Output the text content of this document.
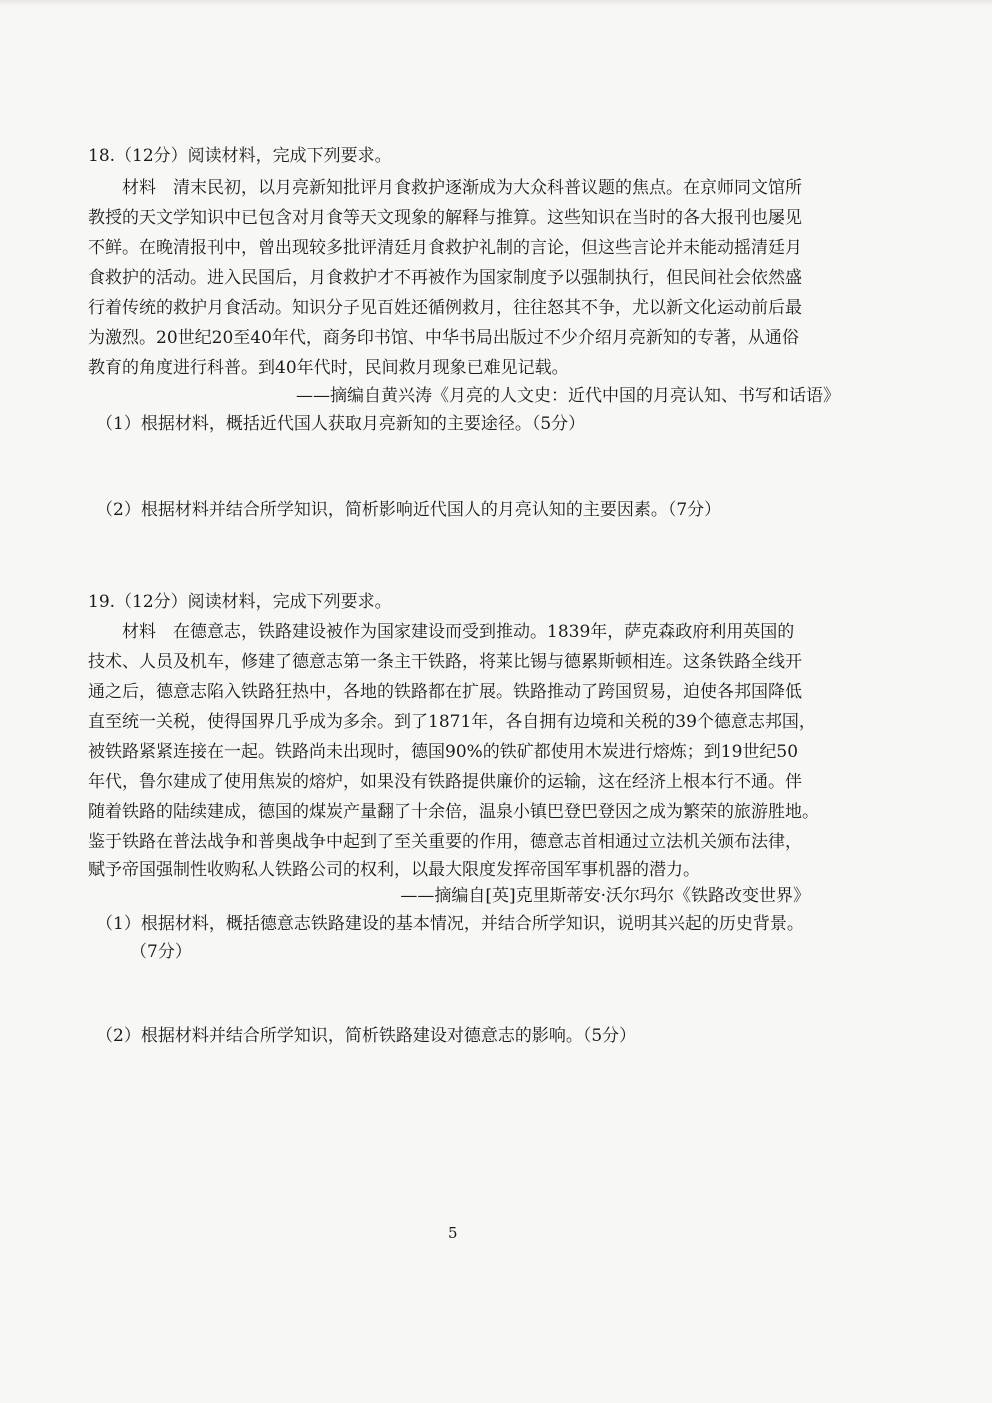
18.（12分）阅读材料，完成下列要求。
材料　清末民初，以月亮新知批评月食救护逐渐成为大众科普议题的焦点。在京师同文馆所
教授的天文学知识中已包含对月食等天文现象的解释与推算。这些知识在当时的各大报刊也屡见
不鲜。在晚清报刊中，曾出现较多批评清廷月食救护礼制的言论，但这些言论并未能动摇清廷月
食救护的活动。进入民国后，月食救护才不再被作为国家制度予以强制执行，但民间社会依然盛
行着传统的救护月食活动。知识分子见百姓还循例救月，往往怒其不争，尤以新文化运动前后最
为激烈。20世纪20至40年代，商务印书馆、中华书局出版过不少介绍月亮新知的专著，从通俗
教育的角度进行科普。到40年代时，民间救月现象已难见记载。
——摘编自黄兴涛《月亮的人文史：近代中国的月亮认知、书写和话语》
（1）根据材料，概括近代国人获取月亮新知的主要途径。（5分）
（2）根据材料并结合所学知识，简析影响近代国人的月亮认知的主要因素。（7分）
19.（12分）阅读材料，完成下列要求。
材料　在德意志，铁路建设被作为国家建设而受到推动。1839年，萨克森政府利用英国的
技术、人员及机车，修建了德意志第一条主干铁路，将莱比锡与德累斯顿相连。这条铁路全线开
通之后，德意志陷入铁路狂热中，各地的铁路都在扩展。铁路推动了跨国贸易，迫使各邦国降低
直至统一关税，使得国界几乎成为多余。到了1871年，各自拥有边境和关税的39个德意志邦国，
被铁路紧紧连接在一起。铁路尚未出现时，德国90%的铁矿都使用木炭进行熔炼；到19世纪50
年代，鲁尔建成了使用焦炭的熔炉，如果没有铁路提供廉价的运输，这在经济上根本行不通。伴
随着铁路的陆续建成，德国的煤炭产量翻了十余倍，温泉小镇巴登巴登因之成为繁荣的旅游胜地。
鉴于铁路在普法战争和普奥战争中起到了至关重要的作用，德意志首相通过立法机关颁布法律，
赋予帝国强制性收购私人铁路公司的权利，以最大限度发挥帝国军事机器的潜力。
——摘编自[英]克里斯蒂安·沃尔玛尔《铁路改变世界》
（1）根据材料，概括德意志铁路建设的基本情况，并结合所学知识，说明其兴起的历史背景。
（7分）
（2）根据材料并结合所学知识，简析铁路建设对德意志的影响。（5分）
5
